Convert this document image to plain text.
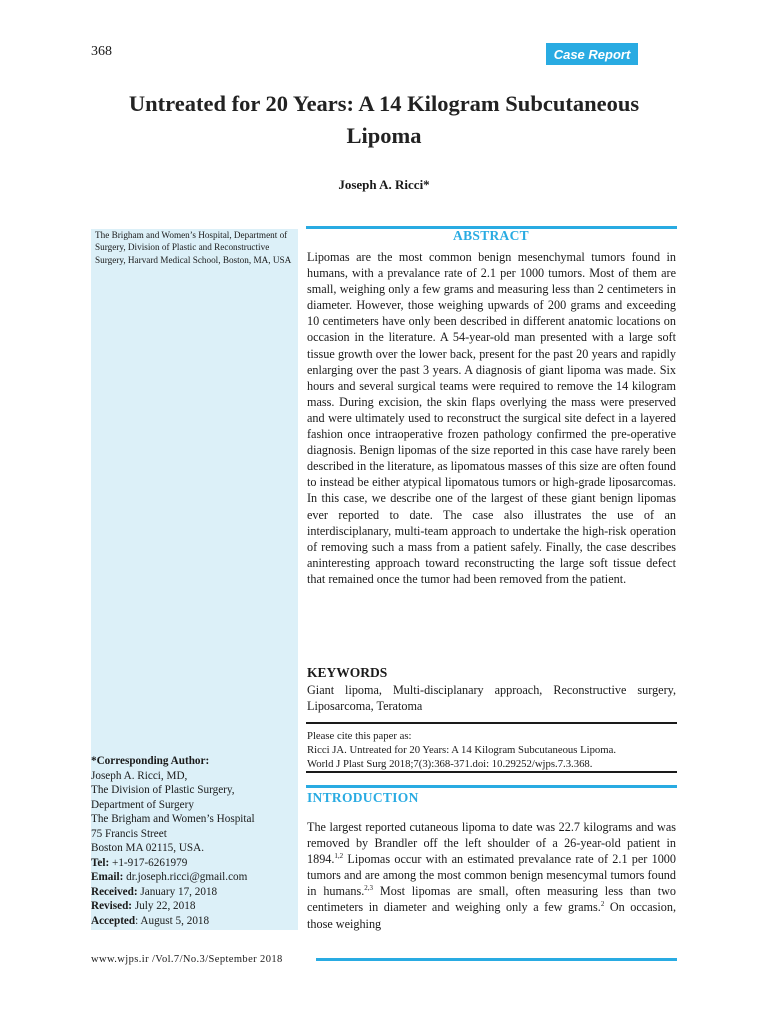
368	Case Report
Untreated for 20 Years: A 14 Kilogram Subcutaneous
Lipoma
Joseph A. Ricci*
The Brigham and Women’s Hospital, Department of Surgery, Division of Plastic and Reconstructive Surgery, Harvard Medical School, Boston, MA, USA
*Corresponding Author:
Joseph A. Ricci, MD,
The Division of Plastic Surgery,
Department of Surgery
The Brigham and Women’s Hospital
75 Francis Street
Boston MA 02115, USA.
Tel: +1-917-6261979
Email: dr.joseph.ricci@gmail.com
Received: January 17, 2018
Revised: July 22, 2018
Accepted: August 5, 2018
ABSTRACT
Lipomas are the most common benign mesenchymal tumors found in humans, with a prevalance rate of 2.1 per 1000 tumors. Most of them are small, weighing only a few grams and measuring less than 2 centimeters in diameter. However, those weighing upwards of 200 grams and exceeding 10 centimeters have only been described in different anatomic locations on occasion in the literature. A 54-year-old man presented with a large soft tissue growth over the lower back, present for the past 20 years and rapidly enlarging over the past 3 years. A diagnosis of giant lipoma was made. Six hours and several surgical teams were required to remove the 14 kilogram mass. During excision, the skin flaps overlying the mass were preserved and were ultimately used to reconstruct the surgical site defect in a layered fashion once intraoperative frozen pathology confirmed the pre-operative diagnosis. Benign lipomas of the size reported in this case have rarely been described in the literature, as lipomatous masses of this size are often found to instead be either atypical lipomatous tumors or high-grade liposarcomas. In this case, we describe one of the largest of these giant benign lipomas ever reported to date. The case also illustrates the use of an interdisciplanary, multi-team approach to undertake the high-risk operation of removing such a mass from a patient safely. Finally, the case describes aninteresting approach toward reconstructing the large soft tissue defect that remained once the tumor had been removed from the patient.
KEYWORDS
Giant lipoma, Multi-disciplanary approach, Reconstructive surgery, Liposarcoma, Teratoma
Please cite this paper as:
Ricci JA. Untreated for 20 Years: A 14 Kilogram Subcutaneous Lipoma.
World J Plast Surg 2018;7(3):368-371.doi: 10.29252/wjps.7.3.368.
INTRODUCTION
The largest reported cutaneous lipoma to date was 22.7 kilograms and was removed by Brandler off the left shoulder of a 26-year-old patient in 1894.$^{1,2}$ Lipomas occur with an estimated prevalance rate of 2.1 per 1000 tumors and are among the most common benign mesencymal tumors found in humans.$^{2,3}$ Most lipomas are small, often measuring less than two centimeters in diameter and weighing only a few grams.$^2$ On occasion, those weighing
www.wjps.ir /Vol.7/No.3/September 2018
